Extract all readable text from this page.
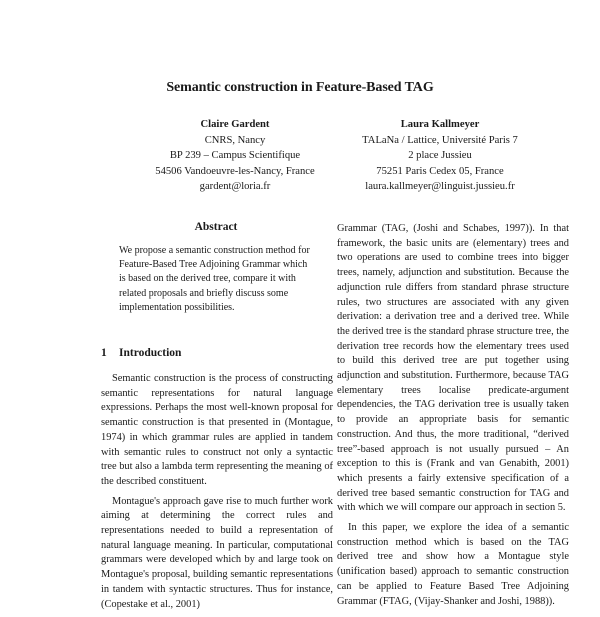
Semantic construction in Feature-Based TAG
Claire Gardent
CNRS, Nancy
BP 239 – Campus Scientifique
54506 Vandoeuvre-les-Nancy, France
gardent@loria.fr
Laura Kallmeyer
TALaNa / Lattice, Université Paris 7
2 place Jussieu
75251 Paris Cedex 05, France
laura.kallmeyer@linguist.jussieu.fr
Abstract
We propose a semantic construction method for Feature-Based Tree Adjoining Grammar which is based on the derived tree, compare it with related proposals and briefly discuss some implementation possibilities.
1 Introduction

Semantic construction is the process of constructing semantic representations for natural language expressions. Perhaps the most well-known proposal for semantic construction is that presented in (Montague, 1974) in which grammar rules are applied in tandem with semantic rules to construct not only a syntactic tree but also a lambda term representing the meaning of the described constituent.

Montague's approach gave rise to much further work aiming at determining the correct rules and representations needed to build a representation of natural language meaning. In particular, computational grammars were developed which by and large took on Montague's proposal, building semantic representations in tandem with syntactic structures. Thus for instance, (Copestake et al., 2001)

Grammar (TAG, (Joshi and Schabes, 1997)). In that framework, the basic units are (elementary) trees and two operations are used to combine trees into bigger trees, namely, adjunction and substitution. Because the adjunction rule differs from standard phrase structure rules, two structures are associated with any given derivation: a derivation tree and a derived tree. While the derived tree is the standard phrase structure tree, the derivation tree records how the elementary trees used to build this derived tree are put together using adjunction and substitution. Furthermore, because TAG elementary trees localise predicate-argument dependencies, the TAG derivation tree is usually taken to provide an appropriate basis for semantic construction. And thus, the more traditional, “derived tree”-based approach is not usually pursued – An exception to this is (Frank and van Genabith, 2001) which presents a fairly extensive specification of a derived tree based semantic construction for TAG and with which we will compare our approach in section 5.

In this paper, we explore the idea of a semantic construction method which is based on the TAG derived tree and show how a Montague style (unification based) approach to semantic construction can be applied to Feature Based Tree Adjoining Grammar (FTAG, (Vijay-Shanker and Joshi, 1988)).
